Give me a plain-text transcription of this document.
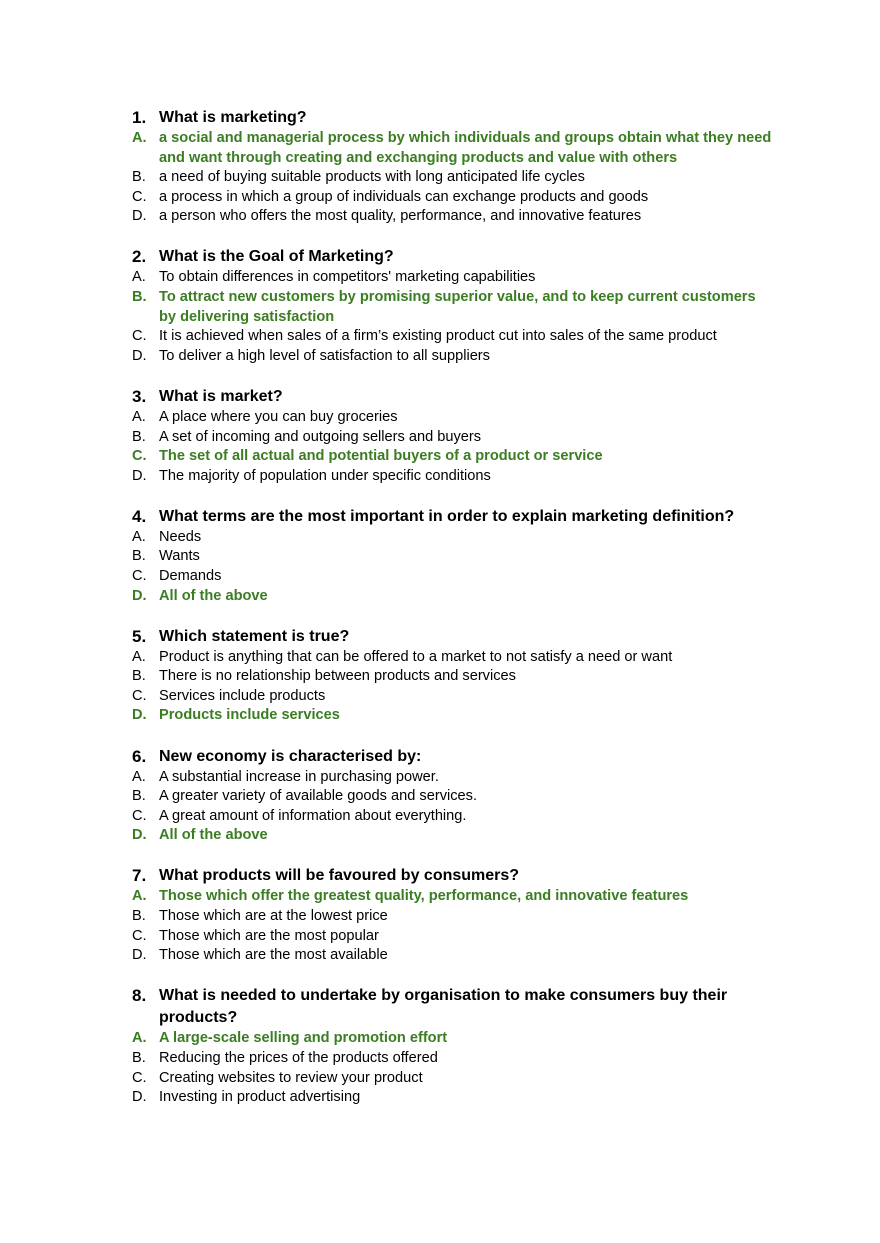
1. What is marketing?
A. a social and managerial process by which individuals and groups obtain what they need and want through creating and exchanging products and value with others
B. a need of buying suitable products with long anticipated life cycles
C. a process in which a group of individuals can exchange products and goods
D. a person who offers the most quality, performance, and innovative features
2. What is the Goal of Marketing?
A. To obtain differences in competitors' marketing capabilities
B. To attract new customers by promising superior value, and to keep current customers by delivering satisfaction
C. It is achieved when sales of a firm’s existing product cut into sales of the same product
D. To deliver a high level of satisfaction to all suppliers
3. What is market?
A. A place where you can buy groceries
B. A set of incoming and outgoing sellers and buyers
C. The set of all actual and potential buyers of a product or service
D. The majority of population under specific conditions
4. What terms are the most important in order to explain marketing definition?
A. Needs
B. Wants
C. Demands
D. All of the above
5. Which statement is true?
A. Product is anything that can be offered to a market to not satisfy a need or want
B. There is no relationship between products and services
C. Services include products
D. Products include services
6. New economy is characterised by:
A. A substantial increase in purchasing power.
B. A greater variety of available goods and services.
C. A great amount of information about everything.
D. All of the above
7. What products will be favoured by consumers?
A. Those which offer the greatest quality, performance, and innovative features
B. Those which are at the lowest price
C. Those which are the most popular
D. Those which are the most available
8. What is needed to undertake by organisation to make consumers buy their products?
A. A large-scale selling and promotion effort
B. Reducing the prices of the products offered
C. Creating websites to review your product
D. Investing in product advertising
